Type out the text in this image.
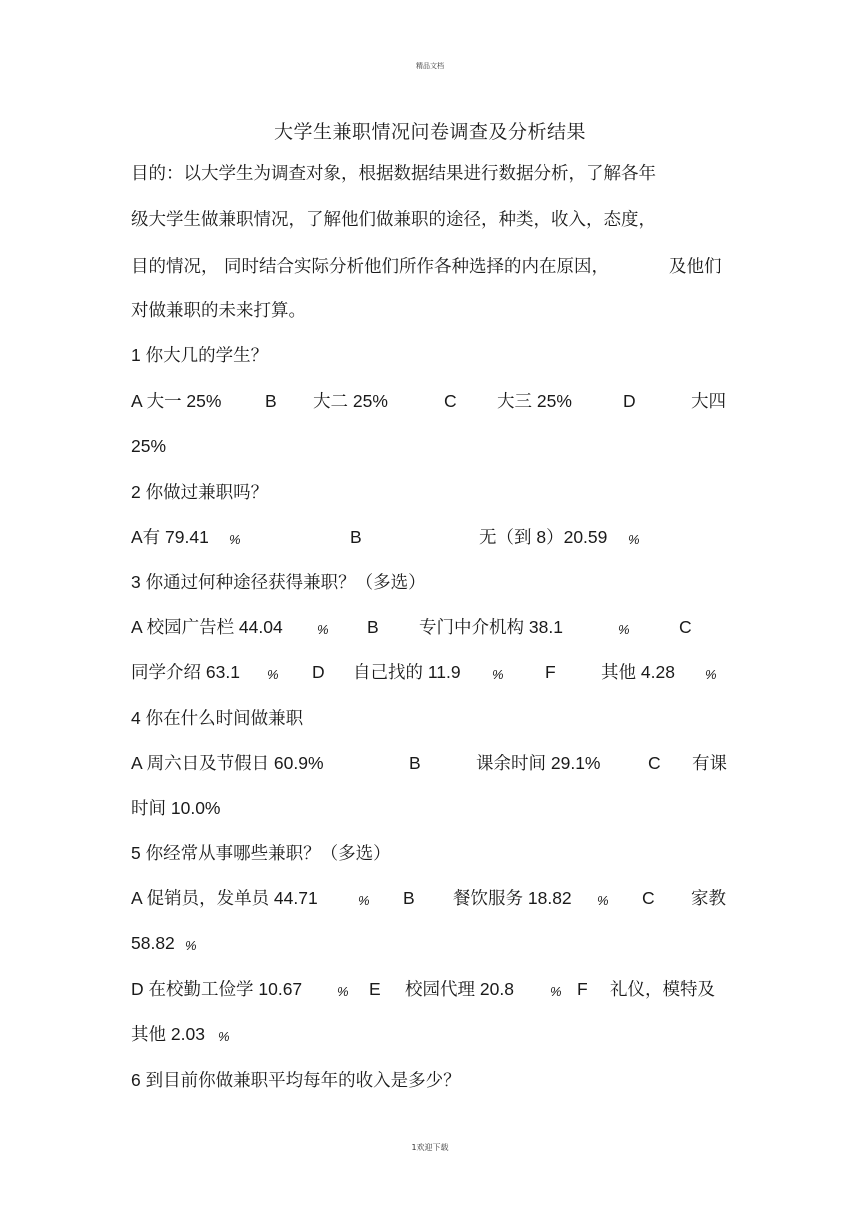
精品文档
大学生兼职情况问卷调查及分析结果
目的：以大学生为调查对象，根据数据结果进行数据分析，了解各年
级大学生做兼职情况，了解他们做兼职的途径，种类，收入，态度，
目的情况， 同时结合实际分析他们所作各种选择的内在原因，	及他们
对做兼职的未来打算。
1 你大几的学生？
A 大一 25% B 大二 25%	C 大三 25%	D	大四
25%
2 你做过兼职吗？
A有 79.41 %	B	无（到 8）20.59 %
3 你通过何种途径获得兼职？（多选）
A 校园广告栏 44.04	% B 专门中介机构 38.1	%	C
同学介绍 63.1 % D 自己找的 11.9 % F	其他 4.28 %
4 你在什么时间做兼职
A 周六日及节假日 60.9%	B	课余时间 29.1%	C 有课
时间 10.0%
5 你经常从事哪些兼职？（多选）
A 促销员，发单员 44.71	% B 餐饮服务 18.82 % C 家教
58.82 %
D 在校勤工俭学 10.67	% E 校园代理 20.8	% F 礼仪，模特及
其他 2.03 %
6 到目前你做兼职平均每年的收入是多少？
1欢迎下载
